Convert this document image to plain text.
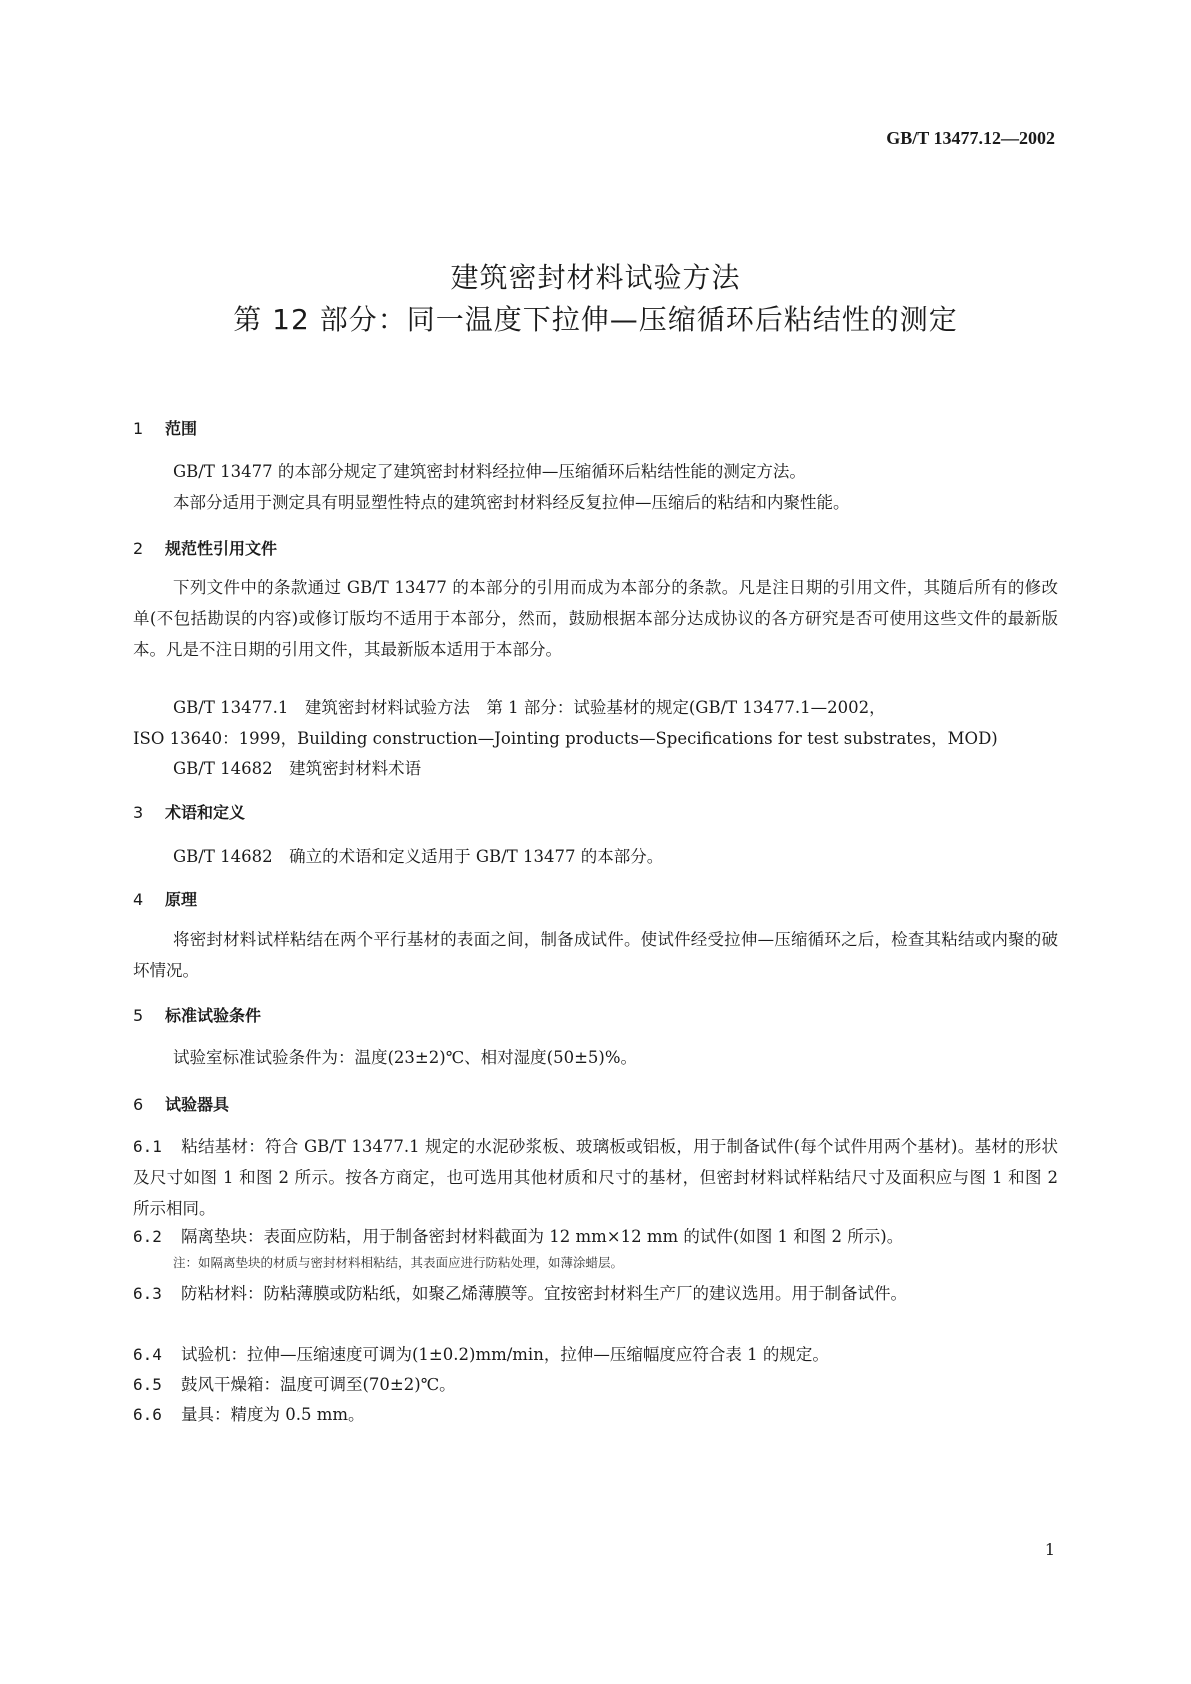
GB/T 13477.12—2002
建筑密封材料试验方法
第 12 部分：同一温度下拉伸—压缩循环后粘结性的测定
1 范围
GB/T 13477 的本部分规定了建筑密封材料经拉伸—压缩循环后粘结性能的测定方法。
本部分适用于测定具有明显塑性特点的建筑密封材料经反复拉伸—压缩后的粘结和内聚性能。
2 规范性引用文件
下列文件中的条款通过 GB/T 13477 的本部分的引用而成为本部分的条款。凡是注日期的引用文件，其随后所有的修改单(不包括勘误的内容)或修订版均不适用于本部分，然而，鼓励根据本部分达成协议的各方研究是否可使用这些文件的最新版本。凡是不注日期的引用文件，其最新版本适用于本部分。
GB/T 13477.1　建筑密封材料试验方法　第 1 部分：试验基材的规定(GB/T 13477.1—2002，
ISO 13640：1999，Building construction—Jointing products—Specifications for test substrates，MOD)
GB/T 14682　建筑密封材料术语
3 术语和定义
GB/T 14682　确立的术语和定义适用于 GB/T 13477 的本部分。
4 原理
将密封材料试样粘结在两个平行基材的表面之间，制备成试件。使试件经受拉伸—压缩循环之后，检查其粘结或内聚的破坏情况。
5 标准试验条件
试验室标准试验条件为：温度(23±2)℃、相对湿度(50±5)%。
6 试验器具
6.1 粘结基材：符合 GB/T 13477.1 规定的水泥砂浆板、玻璃板或铝板，用于制备试件(每个试件用两个基材)。基材的形状及尺寸如图 1 和图 2 所示。按各方商定，也可选用其他材质和尺寸的基材，但密封材料试样粘结尺寸及面积应与图 1 和图 2 所示相同。
6.2 隔离垫块：表面应防粘，用于制备密封材料截面为 12 mm×12 mm 的试件(如图 1 和图 2 所示)。
注：如隔离垫块的材质与密封材料相粘结，其表面应进行防粘处理，如薄涂蜡层。
6.3 防粘材料：防粘薄膜或防粘纸，如聚乙烯薄膜等。宜按密封材料生产厂的建议选用。用于制备试件。
6.4 试验机：拉伸—压缩速度可调为(1±0.2)mm/min，拉伸—压缩幅度应符合表 1 的规定。
6.5 鼓风干燥箱：温度可调至(70±2)℃。
6.6 量具：精度为 0.5 mm。
1
